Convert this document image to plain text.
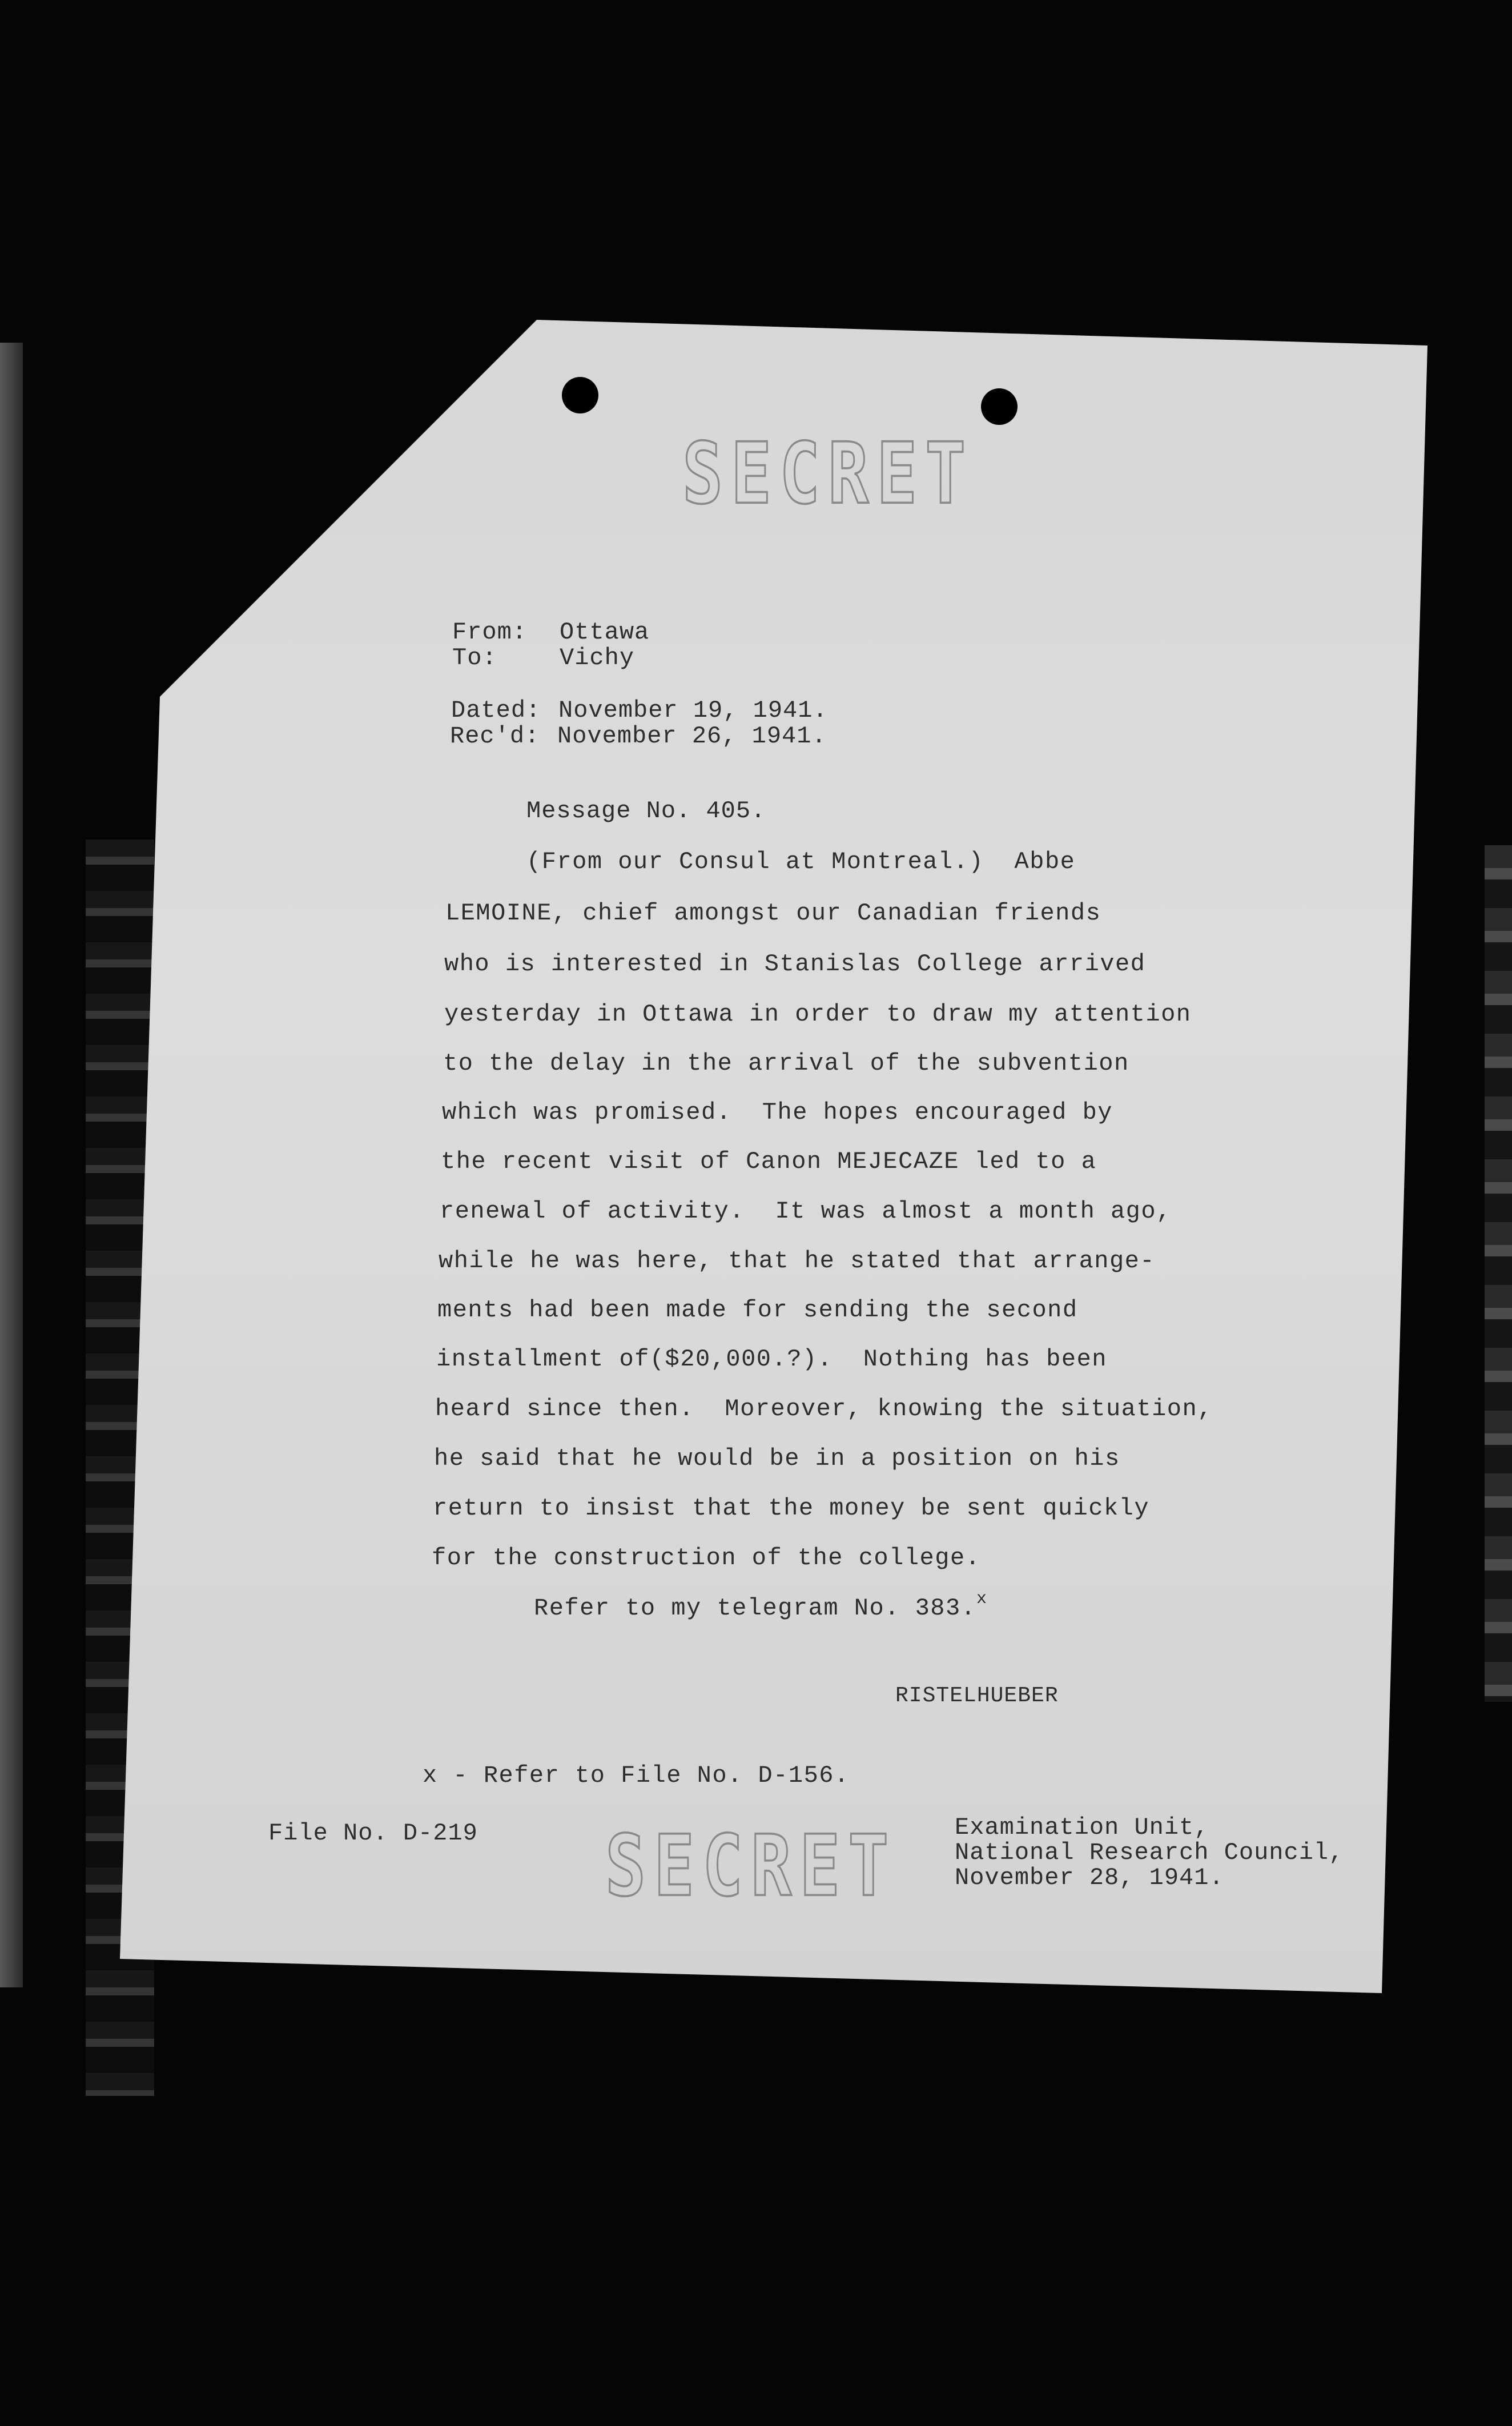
SECRET
From: Ottawa
To:	Vichy
Dated: November 19, 1941.
Rec'd: November 26, 1941.
Message No. 405.
(From our Consul at Montreal.)  Abbe
LEMOINE, chief amongst our Canadian friends
who is interested in Stanislas College arrived
yesterday in Ottawa in order to draw my attention
to the delay in the arrival of the subvention
which was promised.  The hopes encouraged by
the recent visit of Canon MEJECAZE led to a
renewal of activity.  It was almost a month ago,
while he was here, that he stated that arrange-
ments had been made for sending the second
installment of($20,000.?).  Nothing has been
heard since then.  Moreover, knowing the situation,
he said that he would be in a position on his
return to insist that the money be sent quickly
for the construction of the college.
Refer to my telegram No. 383. x
RISTELHUEBER
x - Refer to File No. D-156.
File No. D-219 SECRET Examination Unit,
National Research Council,
November 28, 1941.
